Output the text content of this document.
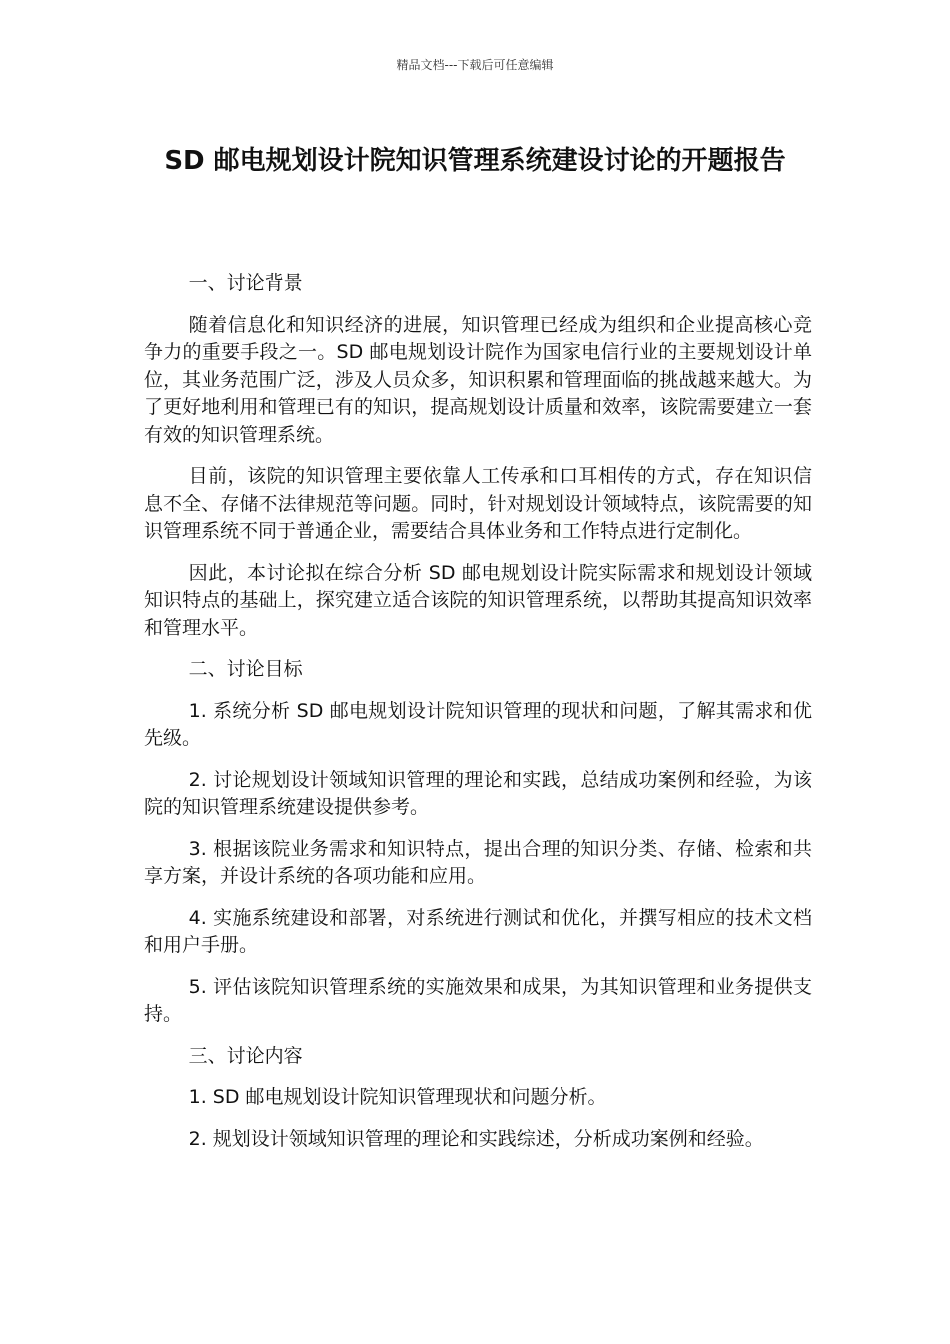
精品文档---下载后可任意编辑
SD 邮电规划设计院知识管理系统建设讨论的开题报告

一、讨论背景

随着信息化和知识经济的进展，知识管理已经成为组织和企业提高核心竞争力的重要手段之一。SD 邮电规划设计院作为国家电信行业的主要规划设计单位，其业务范围广泛，涉及人员众多，知识积累和管理面临的挑战越来越大。为了更好地利用和管理已有的知识，提高规划设计质量和效率，该院需要建立一套有效的知识管理系统。

目前，该院的知识管理主要依靠人工传承和口耳相传的方式，存在知识信息不全、存储不法律规范等问题。同时，针对规划设计领域特点，该院需要的知识管理系统不同于普通企业，需要结合具体业务和工作特点进行定制化。

因此，本讨论拟在综合分析 SD 邮电规划设计院实际需求和规划设计领域知识特点的基础上，探究建立适合该院的知识管理系统，以帮助其提高知识效率和管理水平。

二、讨论目标

1. 系统分析 SD 邮电规划设计院知识管理的现状和问题，了解其需求和优先级。

2. 讨论规划设计领域知识管理的理论和实践，总结成功案例和经验，为该院的知识管理系统建设提供参考。

3. 根据该院业务需求和知识特点，提出合理的知识分类、存储、检索和共享方案，并设计系统的各项功能和应用。

4. 实施系统建设和部署，对系统进行测试和优化，并撰写相应的技术文档和用户手册。

5. 评估该院知识管理系统的实施效果和成果，为其知识管理和业务提供支持。

三、讨论内容

1. SD 邮电规划设计院知识管理现状和问题分析。

2. 规划设计领域知识管理的理论和实践综述，分析成功案例和经验。
